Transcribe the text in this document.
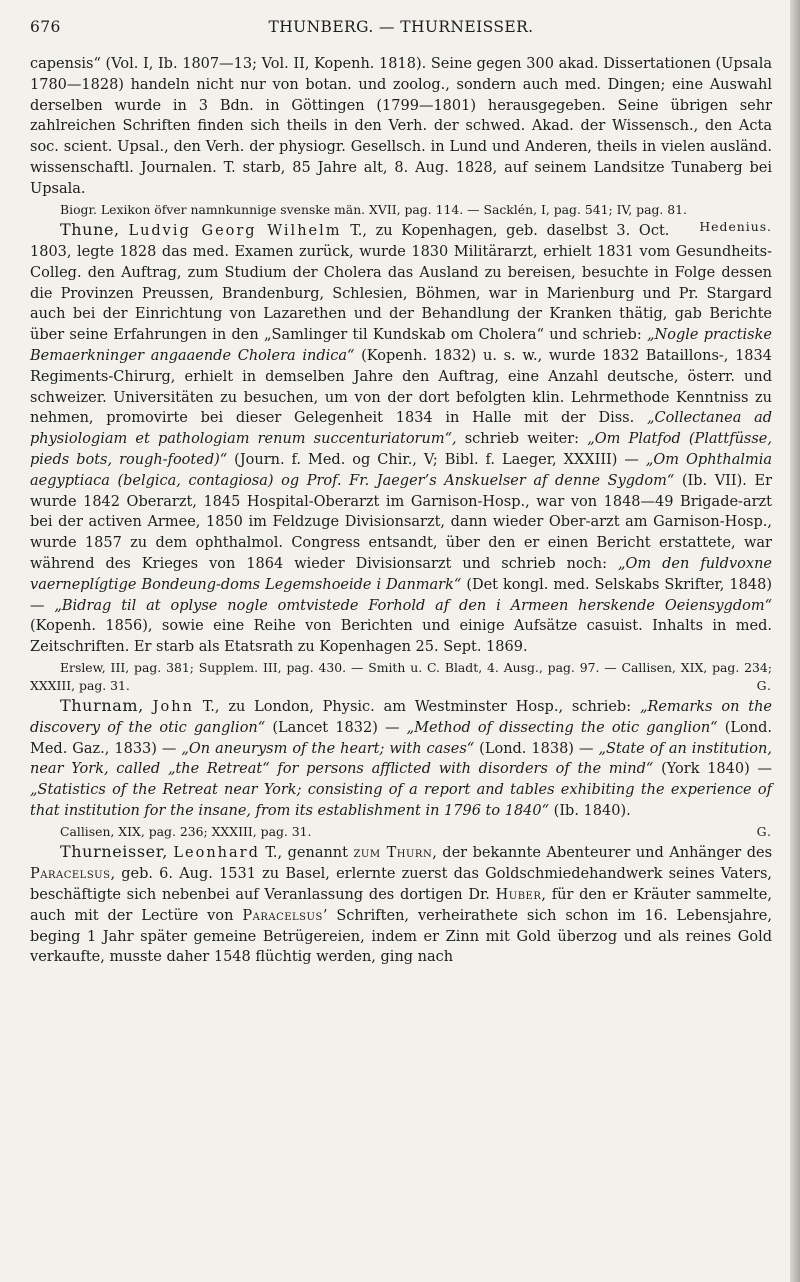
676	THUNBERG. — THURNEISSER.

capensis“ (Vol. I, Ib. 1807—13; Vol. II, Kopenh. 1818). Seine gegen 300 akad. Dissertationen (Upsala 1780—1828) handeln nicht nur von botan. und zoolog., sondern auch med. Dingen; eine Auswahl derselben wurde in 3 Bdn. in Göttingen (1799—1801) herausgegeben. Seine übrigen sehr zahlreichen Schriften finden sich theils in den Verh. der schwed. Akad. der Wissensch., den Acta soc. scient. Upsal., den Verh. der physiogr. Gesellsch. in Lund und Anderen, theils in vielen ausländ. wissenschaftl. Journalen. T. starb, 85 Jahre alt, 8. Aug. 1828, auf seinem Landsitze Tunaberg bei Upsala.

Biogr. Lexikon öfver namnkunnige svenske män. XVII, pag. 114. — Sacklén, I, pag. 541; IV, pag. 81.
Hedenius.

Thune, Ludvig Georg Wilhelm T., zu Kopenhagen, geb. daselbst 3. Oct. 1803, legte 1828 das med. Examen zurück, wurde 1830 Militärarzt, erhielt 1831 vom Gesundheits-Colleg. den Auftrag, zum Studium der Cholera das Ausland zu bereisen, besuchte in Folge dessen die Provinzen Preussen, Brandenburg, Schlesien, Böhmen, war in Marienburg und Pr. Stargard auch bei der Einrichtung von Lazarethen und der Behandlung der Kranken thätig, gab Berichte über seine Erfahrungen in den „Samlinger til Kundskab om Cholera“ und schrieb: „Nogle practiske Bemaerkninger angaaende Cholera indica“ (Kopenh. 1832) u. s. w., wurde 1832 Bataillons-, 1834 Regiments-Chirurg, erhielt in demselben Jahre den Auftrag, eine Anzahl deutsche, österr. und schweizer. Universitäten zu besuchen, um von der dort befolgten klin. Lehrmethode Kenntniss zu nehmen, promovirte bei dieser Gelegenheit 1834 in Halle mit der Diss. „Collectanea ad physiologiam et pathologiam renum succenturiatorum“, schrieb weiter: „Om Platfod (Plattfüsse, pieds bots, rough-footed)“ (Journ. f. Med. og Chir., V; Bibl. f. Laeger, XXXIII) — „Om Ophthalmia aegyptiaca (belgica, contagiosa) og Prof. Fr. Jaeger’s Anskuelser af denne Sygdom“ (Ib. VII). Er wurde 1842 Oberarzt, 1845 Hospital-Oberarzt im Garnison-Hosp., war von 1848—49 Brigade-arzt bei der activen Armee, 1850 im Feldzuge Divisionsarzt, dann wieder Ober-arzt am Garnison-Hosp., wurde 1857 zu dem ophthalmol. Congress entsandt, über den er einen Bericht erstattete, war während des Krieges von 1864 wieder Divisionsarzt und schrieb noch: „Om den fuldvoxne vaerneplígtige Bondeung-doms Legemshoeide i Danmark“ (Det kongl. med. Selskabs Skrifter, 1848) — „Bidrag til at oplyse nogle omtvistede Forhold af den i Armeen herskende Oeiensygdom“ (Kopenh. 1856), sowie eine Reihe von Berichten und einige Aufsätze casuist. Inhalts in med. Zeitschriften. Er starb als Etatsrath zu Kopenhagen 25. Sept. 1869.

Erslew, III, pag. 381; Supplem. III, pag. 430. — Smith u. C. Bladt, 4. Ausg., pag. 97. — Callisen, XIX, pag. 234; XXXIII, pag. 31.	G.

Thurnam, John T., zu London, Physic. am Westminster Hosp., schrieb: „Remarks on the discovery of the otic ganglion“ (Lancet 1832) — „Method of dissecting the otic ganglion“ (Lond. Med. Gaz., 1833) — „On aneurysm of the heart; with cases“ (Lond. 1838) — „State of an institution, near York, called „the Retreat“ for persons afflicted with disorders of the mind“ (York 1840) — „Statistics of the Retreat near York; consisting of a report and tables exhibiting the experience of that institution for the insane, from its establishment in 1796 to 1840“ (Ib. 1840).

Callisen, XIX, pag. 236; XXXIII, pag. 31.	G.

Thurneisser, Leonhard T., genannt zum Thurn, der bekannte Abenteurer und Anhänger des Paracelsus, geb. 6. Aug. 1531 zu Basel, erlernte zuerst das Goldschmiedehandwerk seines Vaters, beschäftigte sich nebenbei auf Veranlassung des dortigen Dr. Huber, für den er Kräuter sammelte, auch mit der Lectüre von Paracelsus’ Schriften, verheirathete sich schon im 16. Lebensjahre, beging 1 Jahr später gemeine Betrügereien, indem er Zinn mit Gold überzog und als reines Gold verkaufte, musste daher 1548 flüchtig werden, ging nach
